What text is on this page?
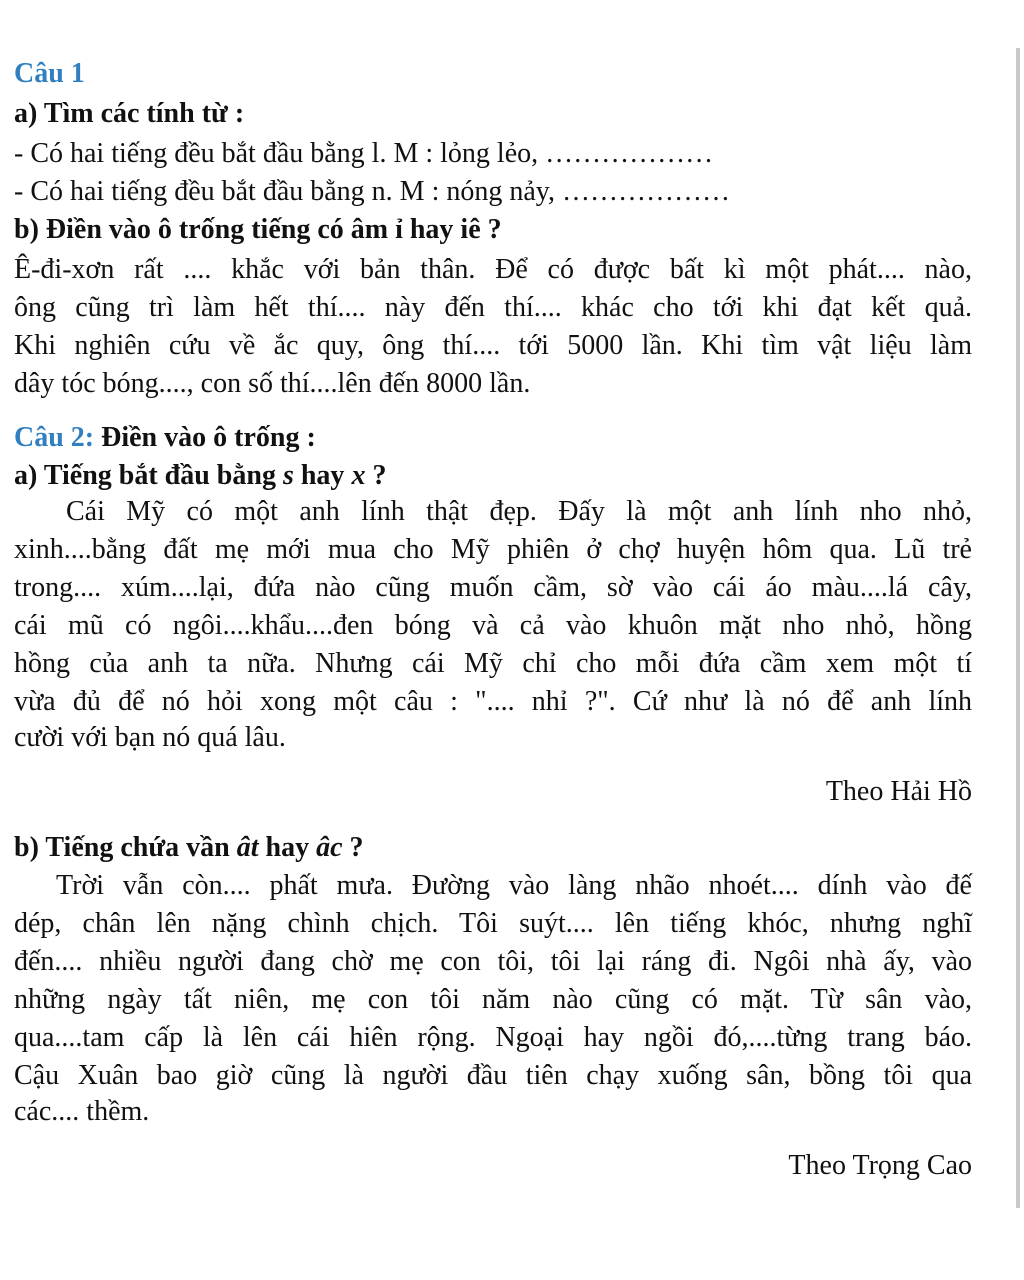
Câu 1
a) Tìm các tính từ :
- Có hai tiếng đều bắt đầu bằng l. M : lỏng lẻo, ………………
- Có hai tiếng đều bắt đầu bằng n. M : nóng nảy, ………………
b) Điền vào ô trống tiếng có âm ỉ hay iê ?
Ê-đi-xơn rất .... khắc với bản thân. Để có được bất kì một phát.... nào,
ông cũng trì làm hết thí.... này đến thí.... khác cho tới khi đạt kết quả.
Khi nghiên cứu về ắc quy, ông thí.... tới 5000 lần. Khi tìm vật liệu làm
dây tóc bóng...., con số thí....lên đến 8000 lần.
Câu 2: Điền vào ô trống :
a) Tiếng bắt đầu bằng s hay x ?
Cái Mỹ có một anh lính thật đẹp. Đấy là một anh lính nho nhỏ,
xinh....bằng đất mẹ mới mua cho Mỹ phiên ở chợ huyện hôm qua. Lũ trẻ
trong.... xúm....lại, đứa nào cũng muốn cầm, sờ vào cái áo màu....lá cây,
cái mũ có ngôi....khẩu....đen bóng và cả vào khuôn mặt nho nhỏ, hồng
hồng của anh ta nữa. Nhưng cái Mỹ chỉ cho mỗi đứa cầm xem một tí
vừa đủ để nó hỏi xong một câu : ".... nhỉ ?". Cứ như là nó để anh lính
cười với bạn nó quá lâu.
Theo Hải Hồ
b) Tiếng chứa vần ât hay âc ?
Trời vẫn còn.... phất mưa. Đường vào làng nhão nhoét.... dính vào đế
dép, chân lên nặng chình chịch. Tôi suýt.... lên tiếng khóc, nhưng nghĩ
đến.... nhiều người đang chờ mẹ con tôi, tôi lại ráng đi. Ngôi nhà ấy, vào
những ngày tất niên, mẹ con tôi năm nào cũng có mặt. Từ sân vào,
qua....tam cấp là lên cái hiên rộng. Ngoại hay ngồi đó,....từng trang báo.
Cậu Xuân bao giờ cũng là người đầu tiên chạy xuống sân, bồng tôi qua
các.... thềm.
Theo Trọng Cao
